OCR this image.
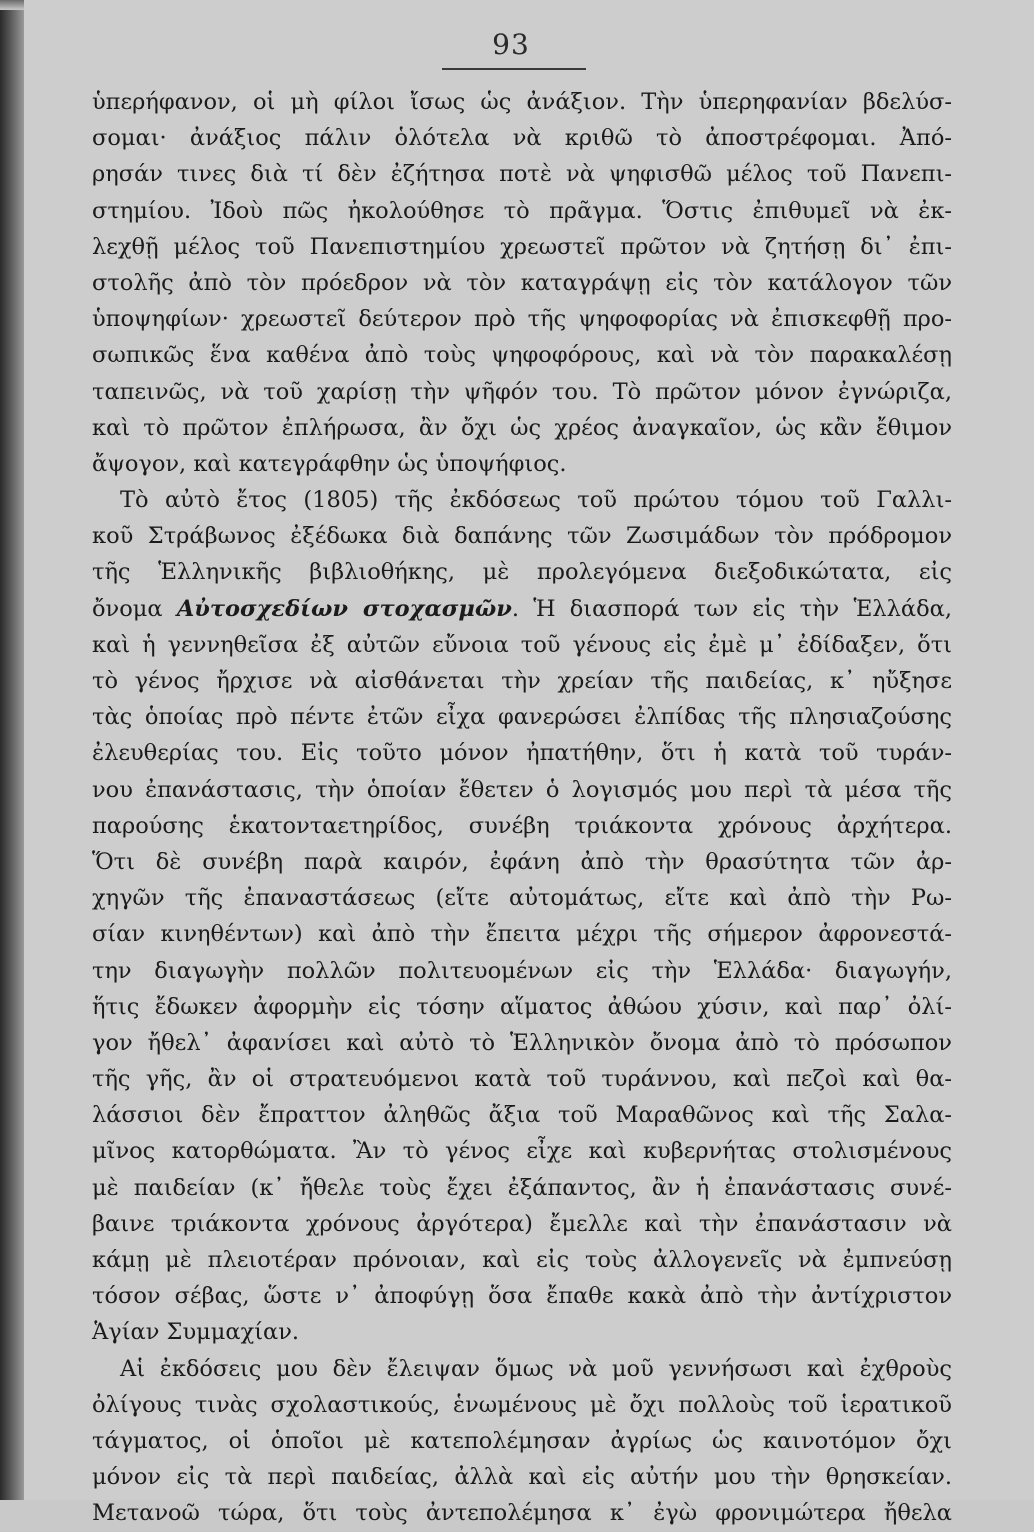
93
ὑπερήφανον, οἱ μὴ φίλοι ἴσως ὡς ἀνάξιον. Τὴν ὑπερηφανίαν βδελύσ-
σομαι· ἀνάξιος πάλιν ὁλότελα νὰ κριθῶ τὸ ἀποστρέφομαι. Ἀπό-
ρησάν τινες διὰ τί δὲν ἐζήτησα ποτὲ νὰ ψηφισθῶ μέλος τοῦ Πανεπι-
στημίου. Ἰδοὺ πῶς ἠκολούθησε τὸ πρᾶγμα. Ὅστις ἐπιθυμεῖ νὰ ἐκ-
λεχθῇ μέλος τοῦ Πανεπιστημίου χρεωστεῖ πρῶτον νὰ ζητήσῃ δι᾽ ἐπι-
στολῆς ἀπὸ τὸν πρόεδρον νὰ τὸν καταγράψῃ εἰς τὸν κατάλογον τῶν
ὑποψηφίων· χρεωστεῖ δεύτερον πρὸ τῆς ψηφοφορίας νὰ ἐπισκεφθῇ προ-
σωπικῶς ἕνα καθένα ἀπὸ τοὺς ψηφοφόρους, καὶ νὰ τὸν παρακαλέσῃ
ταπεινῶς, νὰ τοῦ χαρίσῃ τὴν ψῆφόν του. Τὸ πρῶτον μόνον ἐγνώριζα,
καὶ τὸ πρῶτον ἐπλήρωσα, ἂν ὄχι ὡς χρέος ἀναγκαῖον, ὡς κἂν ἔθιμον
ἄψογον, καὶ κατεγράφθην ὡς ὑποψήφιος.
Τὸ αὐτὸ ἔτος (1805) τῆς ἐκδόσεως τοῦ πρώτου τόμου τοῦ Γαλλι-
κοῦ Στράβωνος ἐξέδωκα διὰ δαπάνης τῶν Ζωσιμάδων τὸν πρόδρομον
τῆς Ἑλληνικῆς βιβλιοθήκης, μὲ προλεγόμενα διεξοδικώτατα, εἰς
ὄνομα Αὐτοσχεδίων στοχασμῶν. Ἡ διασπορά των εἰς τὴν Ἑλλάδα,
καὶ ἡ γεννηθεῖσα ἐξ αὐτῶν εὔνοια τοῦ γένους εἰς ἐμὲ μ᾽ ἐδίδαξεν, ὅτι
τὸ γένος ἤρχισε νὰ αἰσθάνεται τὴν χρείαν τῆς παιδείας, κ᾽ ηὔξησε
τὰς ὁποίας πρὸ πέντε ἐτῶν εἶχα φανερώσει ἐλπίδας τῆς πλησιαζούσης
ἐλευθερίας του. Εἰς τοῦτο μόνον ἠπατήθην, ὅτι ἡ κατὰ τοῦ τυράν-
νου ἐπανάστασις, τὴν ὁποίαν ἔθετεν ὁ λογισμός μου περὶ τὰ μέσα τῆς
παρούσης ἑκατονταετηρίδος, συνέβη τριάκοντα χρόνους ἀρχήτερα.
Ὅτι δὲ συνέβη παρὰ καιρόν, ἐφάνη ἀπὸ τὴν θρασύτητα τῶν ἀρ-
χηγῶν τῆς ἐπαναστάσεως (εἴτε αὐτομάτως, εἴτε καὶ ἀπὸ τὴν Ρω-
σίαν κινηθέντων) καὶ ἀπὸ τὴν ἔπειτα μέχρι τῆς σήμερον ἀφρονεστά-
την διαγωγὴν πολλῶν πολιτευομένων εἰς τὴν Ἑλλάδα· διαγωγήν,
ἥτις ἔδωκεν ἀφορμὴν εἰς τόσην αἵματος ἀθώου χύσιν, καὶ παρ᾽ ὀλί-
γον ἤθελ᾽ ἀφανίσει καὶ αὐτὸ τὸ Ἑλληνικὸν ὄνομα ἀπὸ τὸ πρόσωπον
τῆς γῆς, ἂν οἱ στρατευόμενοι κατὰ τοῦ τυράννου, καὶ πεζοὶ καὶ θα-
λάσσιοι δὲν ἔπραττον ἀληθῶς ἄξια τοῦ Μαραθῶνος καὶ τῆς Σαλα-
μῖνος κατορθώματα. Ἂν τὸ γένος εἶχε καὶ κυβερνήτας στολισμένους
μὲ παιδείαν (κ᾽ ἤθελε τοὺς ἔχει ἐξάπαντος, ἂν ἡ ἐπανάστασις συνέ-
βαινε τριάκοντα χρόνους ἀργότερα) ἔμελλε καὶ τὴν ἐπανάστασιν νὰ
κάμῃ μὲ πλειοτέραν πρόνοιαν, καὶ εἰς τοὺς ἀλλογενεῖς νὰ ἐμπνεύσῃ
τόσον σέβας, ὥστε ν᾽ ἀποφύγῃ ὅσα ἔπαθε κακὰ ἀπὸ τὴν ἀντίχριστον
Ἁγίαν Συμμαχίαν.
Αἱ ἐκδόσεις μου δὲν ἔλειψαν ὅμως νὰ μοῦ γεννήσωσι καὶ ἐχθροὺς
ὀλίγους τινὰς σχολαστικούς, ἑνωμένους μὲ ὄχι πολλοὺς τοῦ ἱερατικοῦ
τάγματος, οἱ ὁποῖοι μὲ κατεπολέμησαν ἀγρίως ὡς καινοτόμον ὄχι
μόνον εἰς τὰ περὶ παιδείας, ἀλλὰ καὶ εἰς αὐτήν μου τὴν θρησκείαν.
Μετανοῶ τώρα, ὅτι τοὺς ἀντεπολέμησα κ᾽ ἐγὼ φρονιμώτερα ἤθελα
